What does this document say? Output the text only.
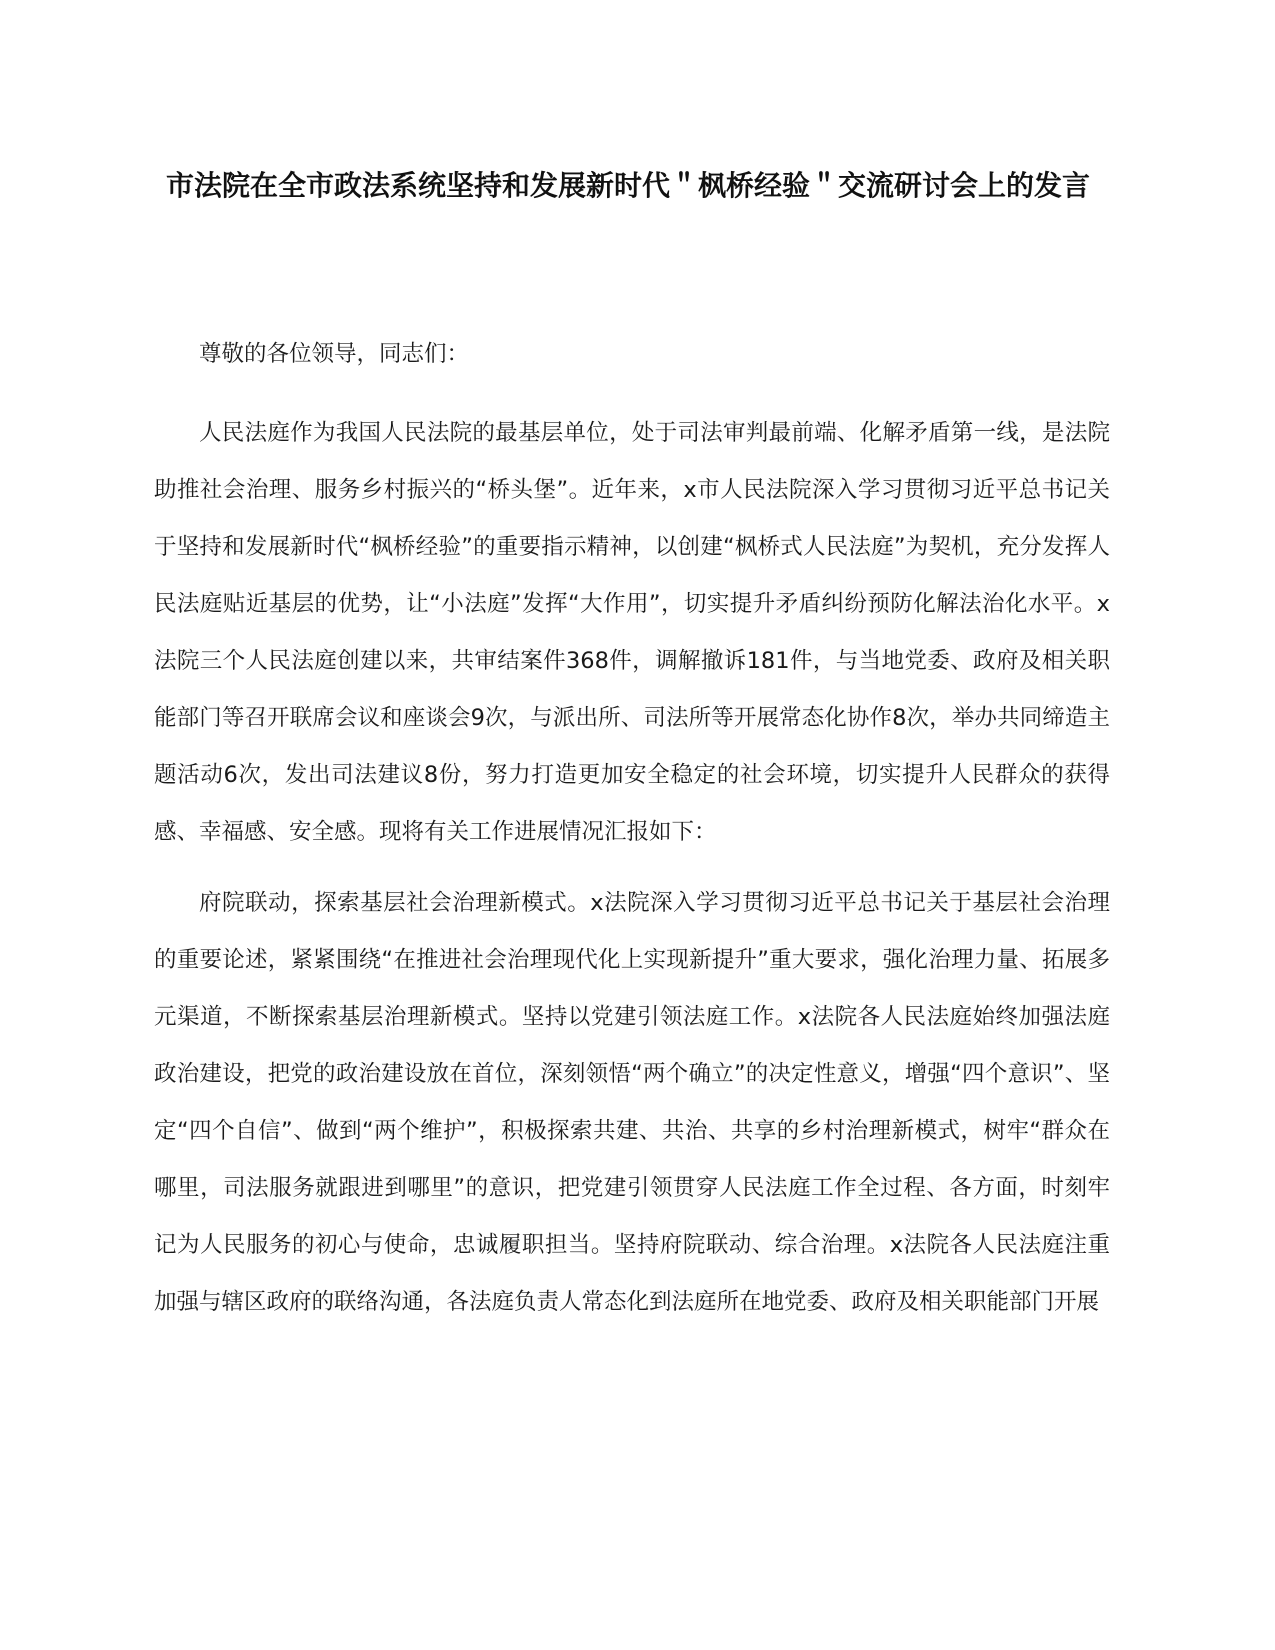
市法院在全市政法系统坚持和发展新时代＂枫桥经验＂交流研讨会上的发言

尊敬的各位领导，同志们：

人民法庭作为我国人民法院的最基层单位，处于司法审判最前端、化解矛盾第一线，是法院助推社会治理、服务乡村振兴的“桥头堡”。近年来，x市人民法院深入学习贯彻习近平总书记关于坚持和发展新时代“枫桥经验”的重要指示精神，以创建“枫桥式人民法庭”为契机，充分发挥人民法庭贴近基层的优势，让“小法庭”发挥“大作用”，切实提升矛盾纠纷预防化解法治化水平。x法院三个人民法庭创建以来，共审结案件368件，调解撤诉181件，与当地党委、政府及相关职能部门等召开联席会议和座谈会9次，与派出所、司法所等开展常态化协作8次，举办共同缔造主题活动6次，发出司法建议8份，努力打造更加安全稳定的社会环境，切实提升人民群众的获得感、幸福感、安全感。现将有关工作进展情况汇报如下：

府院联动，探索基层社会治理新模式。x法院深入学习贯彻习近平总书记关于基层社会治理的重要论述，紧紧围绕“在推进社会治理现代化上实现新提升”重大要求，强化治理力量、拓展多元渠道，不断探索基层治理新模式。坚持以党建引领法庭工作。x法院各人民法庭始终加强法庭政治建设，把党的政治建设放在首位，深刻领悟“两个确立”的决定性意义，增强“四个意识”、坚定“四个自信”、做到“两个维护”，积极探索共建、共治、共享的乡村治理新模式，树牢“群众在哪里，司法服务就跟进到哪里”的意识，把党建引领贯穿人民法庭工作全过程、各方面，时刻牢记为人民服务的初心与使命，忠诚履职担当。坚持府院联动、综合治理。x法院各人民法庭注重加强与辖区政府的联络沟通，各法庭负责人常态化到法庭所在地党委、政府及相关职能部门开展
